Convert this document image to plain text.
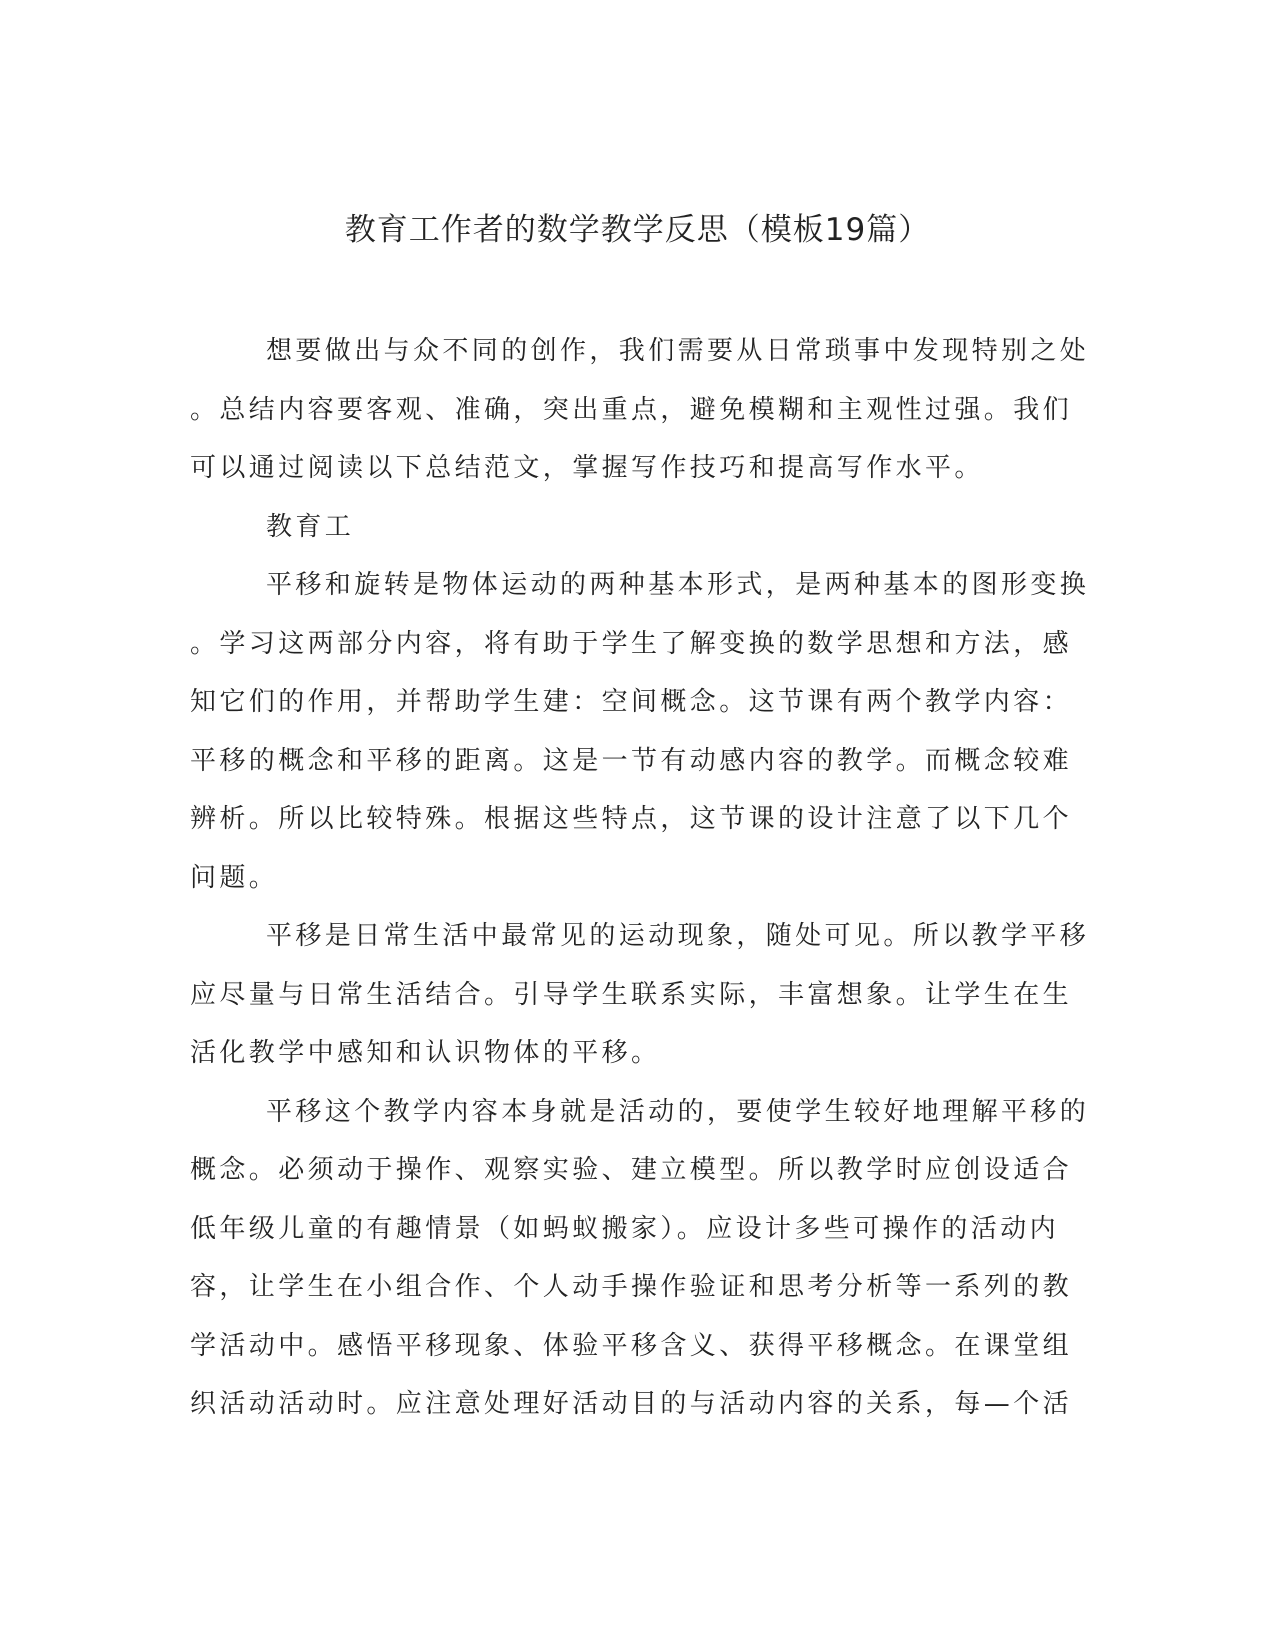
教育工作者的数学教学反思（模板19篇）
想要做出与众不同的创作，我们需要从日常琐事中发现特别之处
。总结内容要客观、准确，突出重点，避免模糊和主观性过强。我们
可以通过阅读以下总结范文，掌握写作技巧和提高写作水平。
教育工
平移和旋转是物体运动的两种基本形式，是两种基本的图形变换
。学习这两部分内容，将有助于学生了解变换的数学思想和方法，感
知它们的作用，并帮助学生建：空间概念。这节课有两个教学内容：
平移的概念和平移的距离。这是一节有动感内容的教学。而概念较难
辨析。所以比较特殊。根据这些特点，这节课的设计注意了以下几个
问题。
平移是日常生活中最常见的运动现象，随处可见。所以教学平移
应尽量与日常生活结合。引导学生联系实际，丰富想象。让学生在生
活化教学中感知和认识物体的平移。
平移这个教学内容本身就是活动的，要使学生较好地理解平移的
概念。必须动于操作、观察实验、建立模型。所以教学时应创设适合
低年级儿童的有趣情景（如蚂蚁搬家）。应设计多些可操作的活动内
容，让学生在小组合作、个人动手操作验证和思考分析等一系列的教
学活动中。感悟平移现象、体验平移含义、获得平移概念。在课堂组
织活动活动时。应注意处理好活动目的与活动内容的关系，每—个活
